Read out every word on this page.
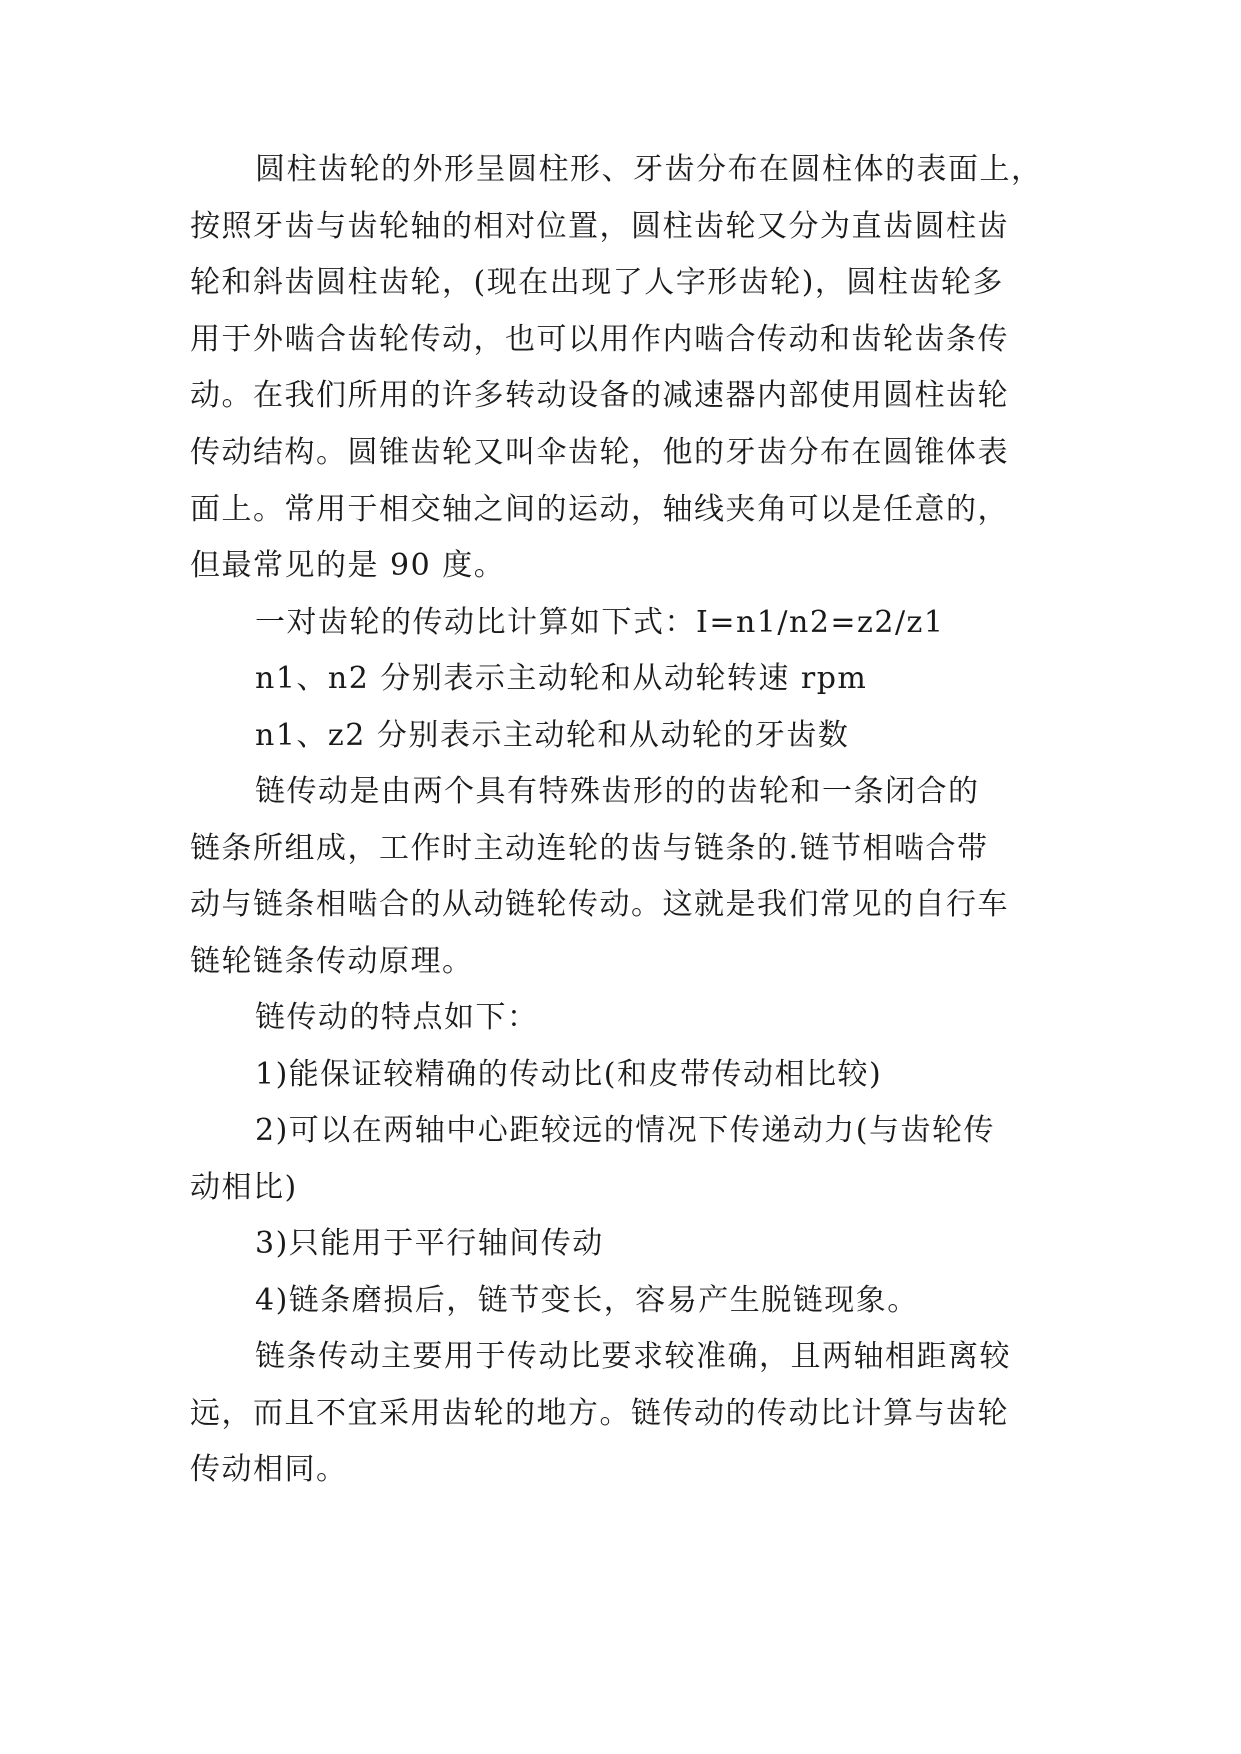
圆柱齿轮的外形呈圆柱形、牙齿分布在圆柱体的表面上，
按照牙齿与齿轮轴的相对位置，圆柱齿轮又分为直齿圆柱齿
轮和斜齿圆柱齿轮，(现在出现了人字形齿轮)，圆柱齿轮多
用于外啮合齿轮传动，也可以用作内啮合传动和齿轮齿条传
动。在我们所用的许多转动设备的减速器内部使用圆柱齿轮
传动结构。圆锥齿轮又叫伞齿轮，他的牙齿分布在圆锥体表
面上。常用于相交轴之间的运动，轴线夹角可以是任意的，
但最常见的是 90 度。
一对齿轮的传动比计算如下式：I=n1/n2=z2/z1
n1、n2 分别表示主动轮和从动轮转速 rpm
n1、z2 分别表示主动轮和从动轮的牙齿数
链传动是由两个具有特殊齿形的的齿轮和一条闭合的
链条所组成，工作时主动连轮的齿与链条的.链节相啮合带
动与链条相啮合的从动链轮传动。这就是我们常见的自行车
链轮链条传动原理。
链传动的特点如下：
1)能保证较精确的传动比(和皮带传动相比较)
2)可以在两轴中心距较远的情况下传递动力(与齿轮传
动相比)
3)只能用于平行轴间传动
4)链条磨损后，链节变长，容易产生脱链现象。
链条传动主要用于传动比要求较准确，且两轴相距离较
远，而且不宜采用齿轮的地方。链传动的传动比计算与齿轮
传动相同。
